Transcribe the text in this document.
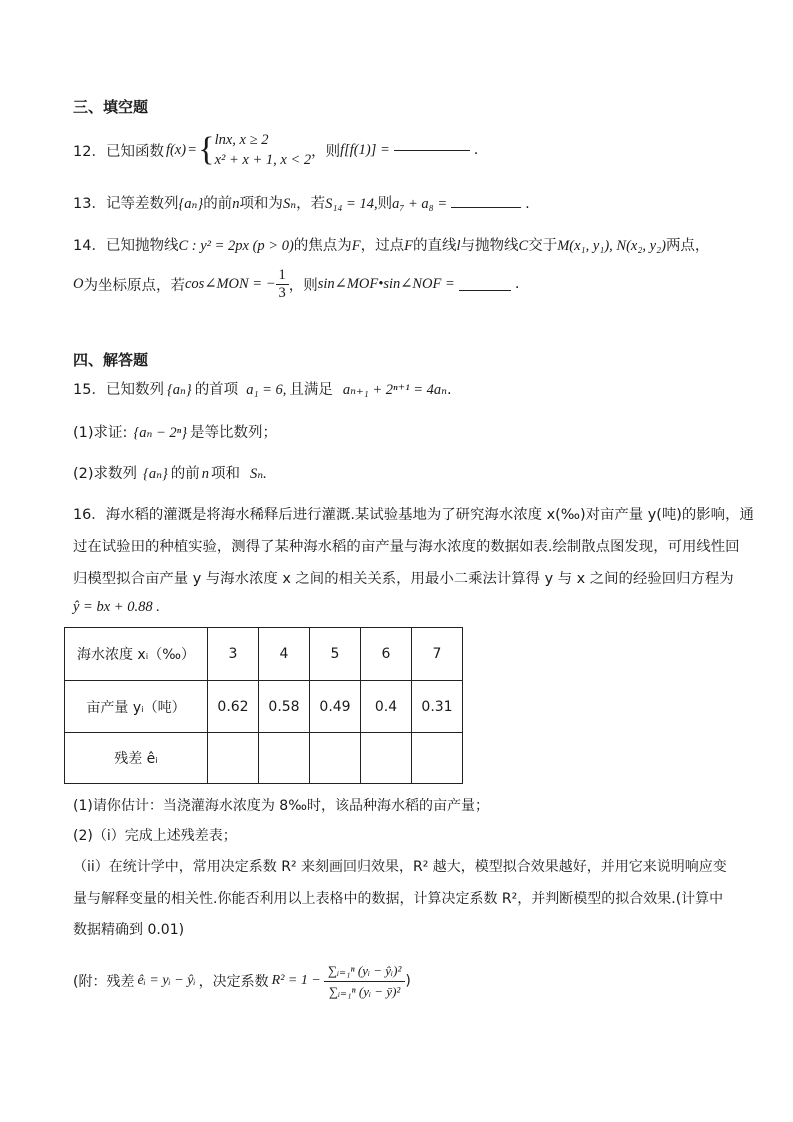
三、填空题
12． 已知函数 f(x) = { lnx, x ≥ 2
x² + x + 1, x < 2
，则 f[f(1)] =	.
13．记等差数列{aₙ}的前n项和为Sₙ，若S₁₄ = 14,则a₇ + a₈ =	.
14．已知抛物线C : y² = 2px (p > 0)的焦点为F，过点F的直线l与抛物线C交于M(x₁, y₁), N(x₂, y₂)两点，
O 为坐标原点，若 cos∠MON = − $\frac{1}{3}$ ，则 sin∠MOF•sin∠NOF =	.
四、解答题
15．已知数列 {aₙ} 的首项 a₁ = 6, 且满足 aₙ₊₁ + 2ⁿ⁺¹ = 4aₙ.
(1)求证: {aₙ − 2ⁿ} 是等比数列；
(2)求数列 {aₙ} 的前 n 项和 Sₙ.
16．海水稻的灌溉是将海水稀释后进行灌溉.某试验基地为了研究海水浓度 x(‰)对亩产量 y(吨)的影响，通
过在试验田的种植实验，测得了某种海水稻的亩产量与海水浓度的数据如表.绘制散点图发现，可用线性回
归模型拟合亩产量 y 与海水浓度 x 之间的相关关系，用最小二乘法计算得 y 与 x 之间的经验回归方程为
ŷ = bx + 0.88 .
海水浓度 xᵢ（‰）	3	4	5	6	7
亩产量 yᵢ（吨）	0.62	0.58	0.49	0.4	0.31
残差 êᵢ					
(1)请你估计：当浇灌海水浓度为 8‰时，该品种海水稻的亩产量；
(2)（i）完成上述残差表；
（ii）在统计学中，常用决定系数 R² 来刻画回归效果，R² 越大，模型拟合效果越好，并用它来说明响应变
量与解释变量的相关性.你能否利用以上表格中的数据，计算决定系数 R²，并判断模型的拟合效果.(计算中
数据精确到 0.01)
(附：残差 êᵢ = yᵢ − ŷᵢ ，决定系数 $R^2 = 1 - \frac{\text{∑ᵢ₌₁ⁿ (yᵢ − ŷᵢ)²}}{\text{∑ᵢ₌₁ⁿ (yᵢ − ȳ)²}}$ )
